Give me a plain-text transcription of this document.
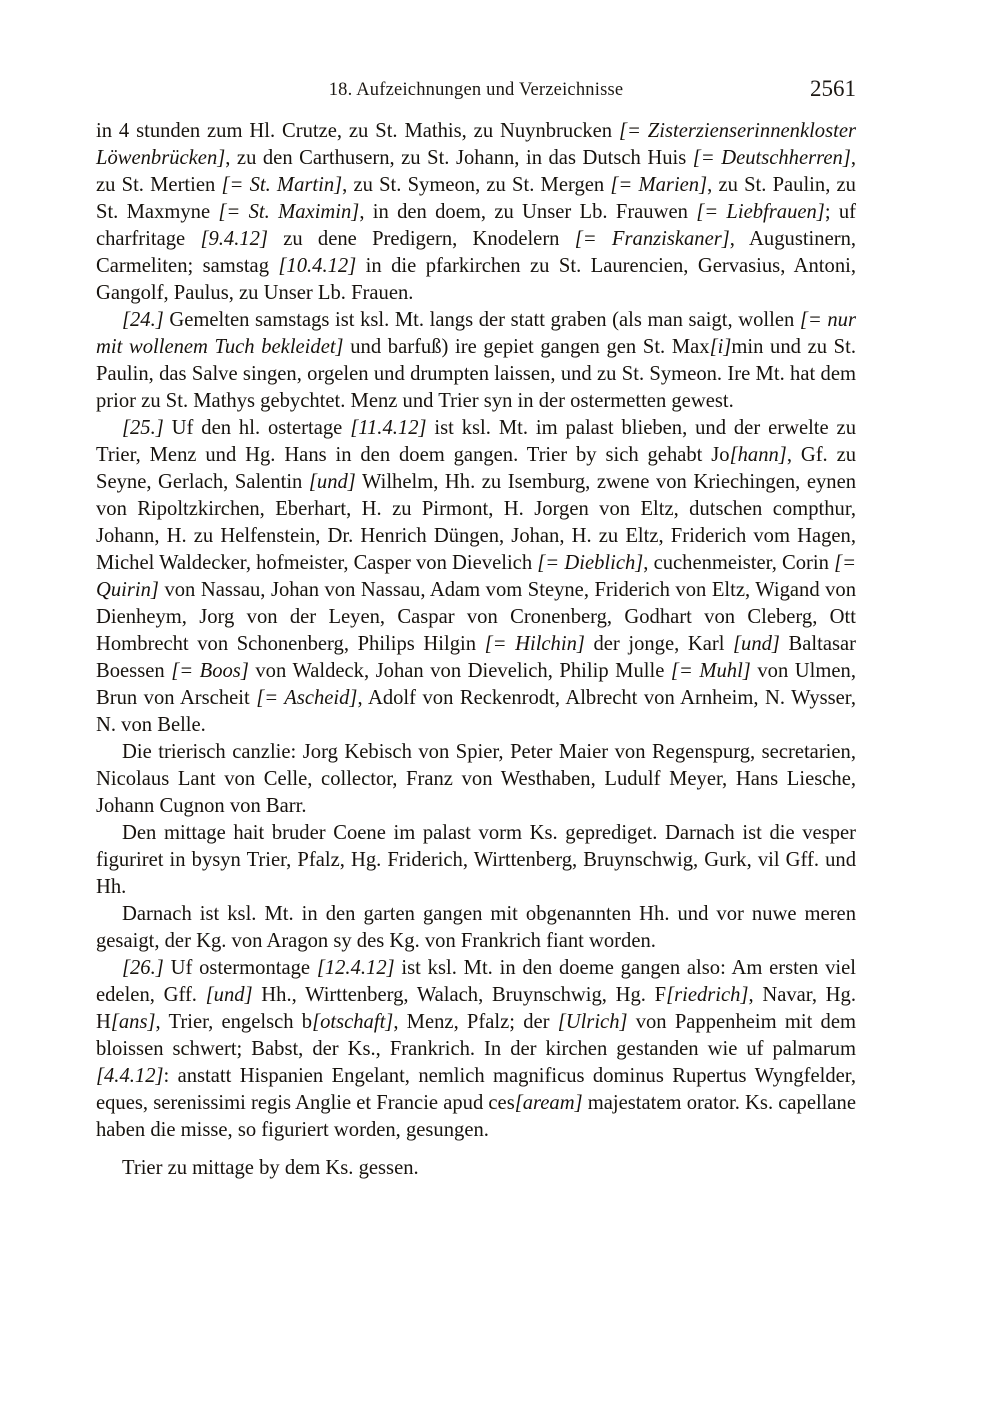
18. Aufzeichnungen und Verzeichnisse	2561

in 4 stunden zum Hl. Crutze, zu St. Mathis, zu Nuynbrucken [= Zisterzienserinnenkloster Löwenbrücken], zu den Carthusern, zu St. Johann, in das Dutsch Huis [= Deutschherren], zu St. Mertien [= St. Martin], zu St. Symeon, zu St. Mergen [= Marien], zu St. Paulin, zu St. Maxmyne [= St. Maximin], in den doem, zu Unser Lb. Frauwen [= Liebfrauen]; uf charfritage [9.4.12] zu dene Predigern, Knodelern [= Franziskaner], Augustinern, Carmeliten; samstag [10.4.12] in die pfarkirchen zu St. Laurencien, Gervasius, Antoni, Gangolf, Paulus, zu Unser Lb. Frauen.

[24.] Gemelten samstags ist ksl. Mt. langs der statt graben (als man saigt, wollen [= nur mit wollenem Tuch bekleidet] und barfuß) ire gepiet gangen gen St. Max[i]min und zu St. Paulin, das Salve singen, orgelen und drumpten laissen, und zu St. Symeon. Ire Mt. hat dem prior zu St. Mathys gebychtet. Menz und Trier syn in der ostermetten gewest.

[25.] Uf den hl. ostertage [11.4.12] ist ksl. Mt. im palast blieben, und der erwelte zu Trier, Menz und Hg. Hans in den doem gangen. Trier by sich gehabt Jo[hann], Gf. zu Seyne, Gerlach, Salentin [und] Wilhelm, Hh. zu Isemburg, zwene von Kriechingen, eynen von Ripoltzkirchen, Eberhart, H. zu Pirmont, H. Jorgen von Eltz, dutschen compthur, Johann, H. zu Helfenstein, Dr. Henrich Düngen, Johan, H. zu Eltz, Friderich vom Hagen, Michel Waldecker, hofmeister, Casper von Dievelich [= Dieblich], cuchenmeister, Corin [= Quirin] von Nassau, Johan von Nassau, Adam vom Steyne, Friderich von Eltz, Wigand von Dienheym, Jorg von der Leyen, Caspar von Cronenberg, Godhart von Cleberg, Ott Hombrecht von Schonenberg, Philips Hilgin [= Hilchin] der jonge, Karl [und] Baltasar Boessen [= Boos] von Waldeck, Johan von Dievelich, Philip Mulle [= Muhl] von Ulmen, Brun von Arscheit [= Ascheid], Adolf von Reckenrodt, Albrecht von Arnheim, N. Wysser, N. von Belle.

Die trierisch canzlie: Jorg Kebisch von Spier, Peter Maier von Regenspurg, secretarien, Nicolaus Lant von Celle, collector, Franz von Westhaben, Ludulf Meyer, Hans Liesche, Johann Cugnon von Barr.

Den mittage hait bruder Coene im palast vorm Ks. geprediget. Darnach ist die vesper figuriret in bysyn Trier, Pfalz, Hg. Friderich, Wirttenberg, Bruynschwig, Gurk, vil Gff. und Hh.

Darnach ist ksl. Mt. in den garten gangen mit obgenannten Hh. und vor nuwe meren gesaigt, der Kg. von Aragon sy des Kg. von Frankrich fiant worden.

[26.] Uf ostermontage [12.4.12] ist ksl. Mt. in den doeme gangen also: Am ersten viel edelen, Gff. [und] Hh., Wirttenberg, Walach, Bruynschwig, Hg. F[riedrich], Navar, Hg. H[ans], Trier, engelsch b[otschaft], Menz, Pfalz; der [Ulrich] von Pappenheim mit dem bloissen schwert; Babst, der Ks., Frankrich. In der kirchen gestanden wie uf palmarum [4.4.12]: anstatt Hispanien Engelant, nemlich magnificus dominus Rupertus Wyngfelder, eques, serenissimi regis Anglie et Francie apud ces[aream] majestatem orator. Ks. capellane haben die misse, so figuriert worden, gesungen.

Trier zu mittage by dem Ks. gessen.
